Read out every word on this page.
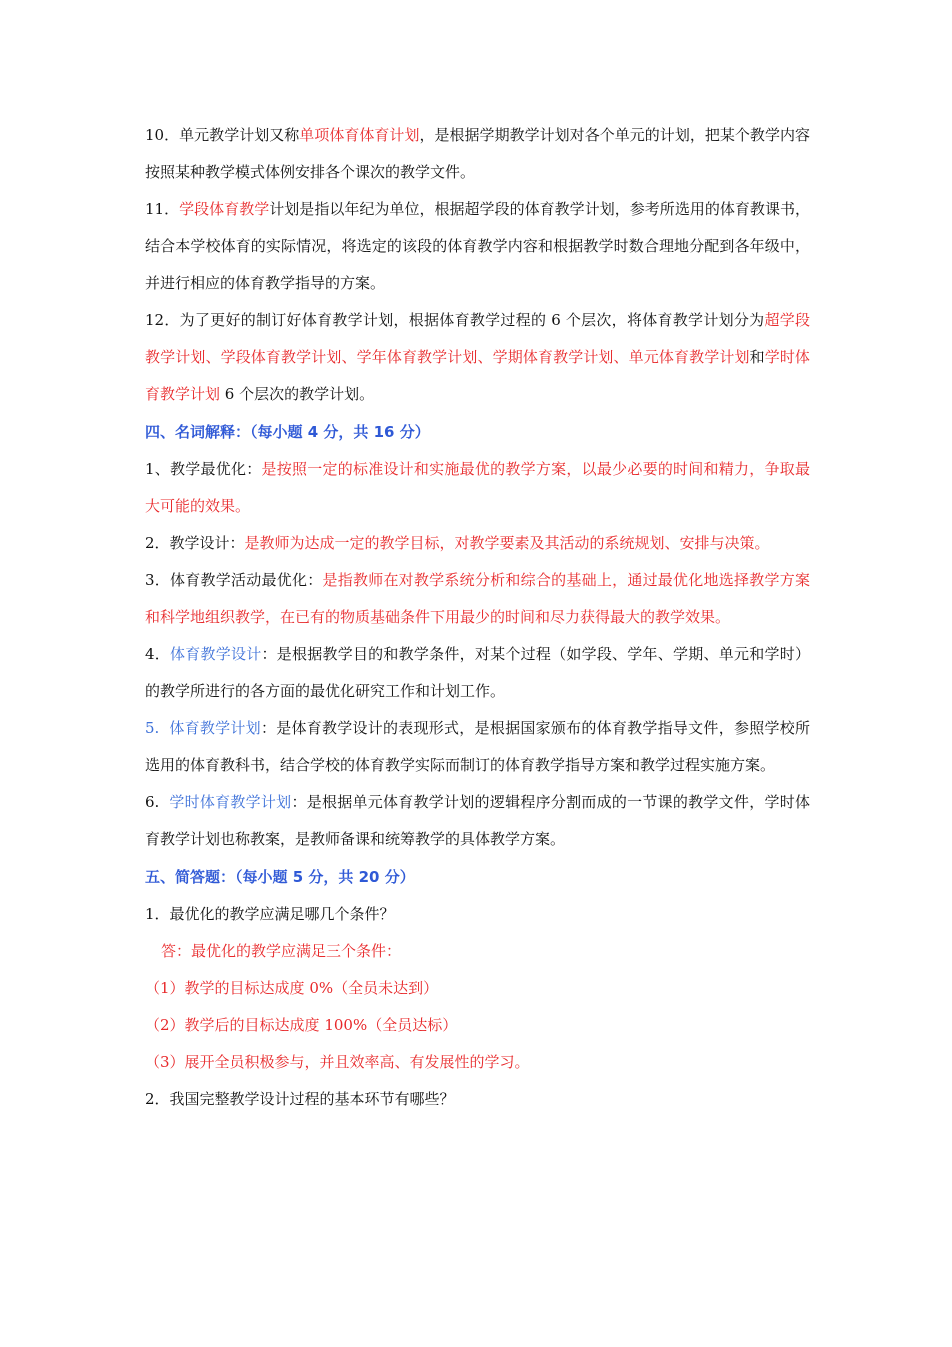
10．单元教学计划又称单项体育体育计划，是根据学期教学计划对各个单元的计划，把某个教学内容按照某种教学模式体例安排各个课次的教学文件。

11．学段体育教学计划是指以年纪为单位，根据超学段的体育教学计划，参考所选用的体育教课书，结合本学校体育的实际情况，将选定的该段的体育教学内容和根据教学时数合理地分配到各年级中，并进行相应的体育教学指导的方案。

12．为了更好的制订好体育教学计划，根据体育教学过程的 6 个层次，将体育教学计划分为超学段教学计划、学段体育教学计划、学年体育教学计划、学期体育教学计划、单元体育教学计划和学时体育教学计划 6 个层次的教学计划。

四、名词解释：（每小题 4 分，共 16 分）

1、教学最优化：是按照一定的标准设计和实施最优的教学方案，以最少必要的时间和精力，争取最大可能的效果。

2．教学设计：是教师为达成一定的教学目标，对教学要素及其活动的系统规划、安排与决策。

3．体育教学活动最优化：是指教师在对教学系统分析和综合的基础上，通过最优化地选择教学方案和科学地组织教学，在已有的物质基础条件下用最少的时间和尽力获得最大的教学效果。

4．体育教学设计：是根据教学目的和教学条件，对某个过程（如学段、学年、学期、单元和学时）的教学所进行的各方面的最优化研究工作和计划工作。

5.  体育教学计划：是体育教学设计的表现形式，是根据国家颁布的体育教学指导文件，参照学校所选用的体育教科书，结合学校的体育教学实际而制订的体育教学指导方案和教学过程实施方案。

6.  学时体育教学计划：是根据单元体育教学计划的逻辑程序分割而成的一节课的教学文件，学时体育教学计划也称教案，是教师备课和统筹教学的具体教学方案。

五、简答题：（每小题 5 分，共 20 分）

1．最优化的教学应满足哪几个条件？

答：最优化的教学应满足三个条件：

（1）教学的目标达成度 0%（全员未达到）

（2）教学后的目标达成度 100%（全员达标）

（3）展开全员积极参与，并且效率高、有发展性的学习。

2．我国完整教学设计过程的基本环节有哪些？
